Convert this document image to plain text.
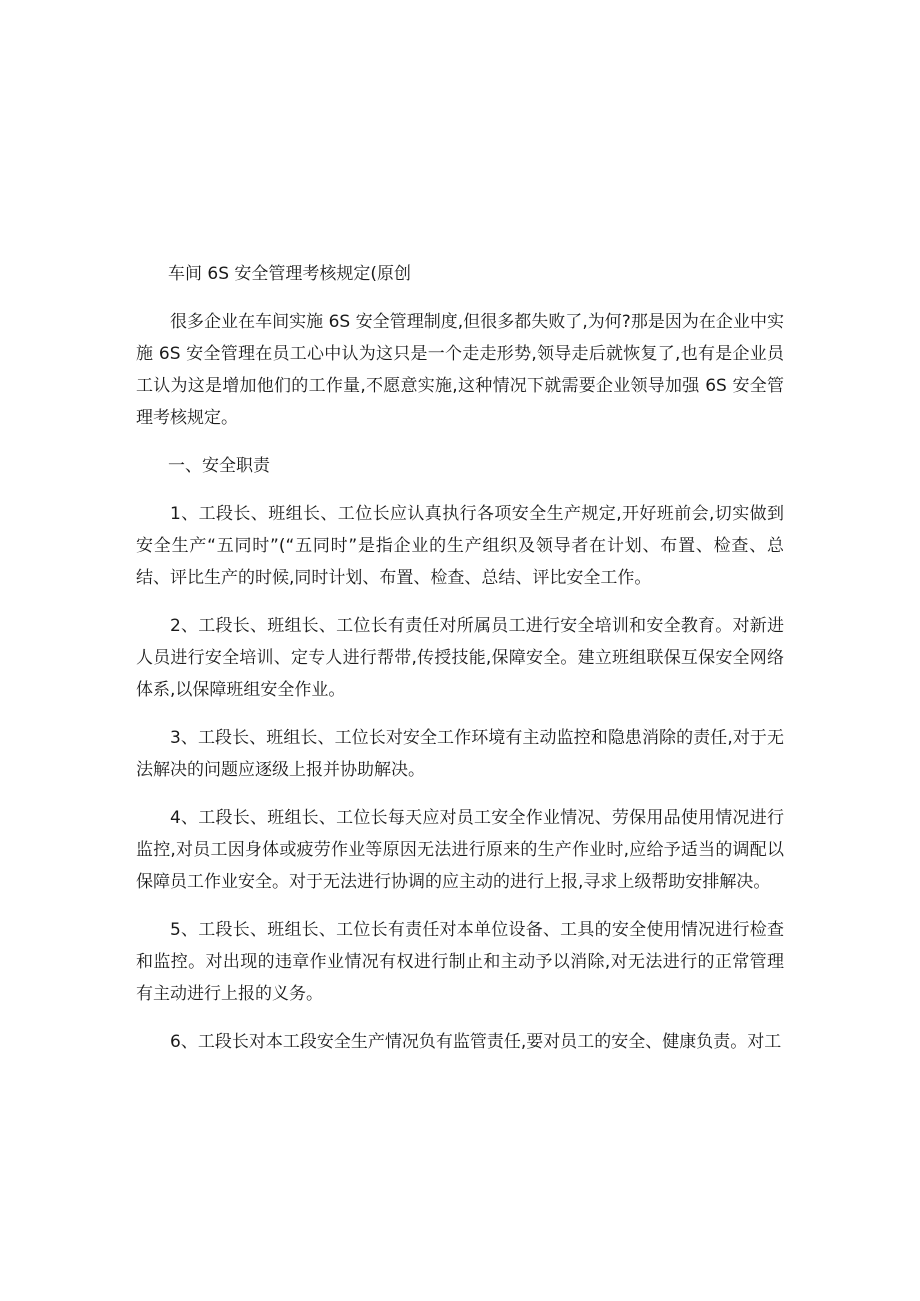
车间 6S 安全管理考核规定(原创

很多企业在车间实施 6S 安全管理制度,但很多都失败了,为何?那是因为在企业中实施 6S 安全管理在员工心中认为这只是一个走走形势,领导走后就恢复了,也有是企业员工认为这是增加他们的工作量,不愿意实施,这种情况下就需要企业领导加强 6S 安全管理考核规定。

一、安全职责

1、工段长、班组长、工位长应认真执行各项安全生产规定,开好班前会,切实做到安全生产“五同时”(“五同时”是指企业的生产组织及领导者在计划、布置、检查、总结、评比生产的时候,同时计划、布置、检查、总结、评比安全工作。

2、工段长、班组长、工位长有责任对所属员工进行安全培训和安全教育。对新进人员进行安全培训、定专人进行帮带,传授技能,保障安全。建立班组联保互保安全网络体系,以保障班组安全作业。

3、工段长、班组长、工位长对安全工作环境有主动监控和隐患消除的责任,对于无法解决的问题应逐级上报并协助解决。

4、工段长、班组长、工位长每天应对员工安全作业情况、劳保用品使用情况进行监控,对员工因身体或疲劳作业等原因无法进行原来的生产作业时,应给予适当的调配以保障员工作业安全。对于无法进行协调的应主动的进行上报,寻求上级帮助安排解决。

5、工段长、班组长、工位长有责任对本单位设备、工具的安全使用情况进行检查和监控。对出现的违章作业情况有权进行制止和主动予以消除,对无法进行的正常管理有主动进行上报的义务。

6、工段长对本工段安全生产情况负有监管责任,要对员工的安全、健康负责。对工
